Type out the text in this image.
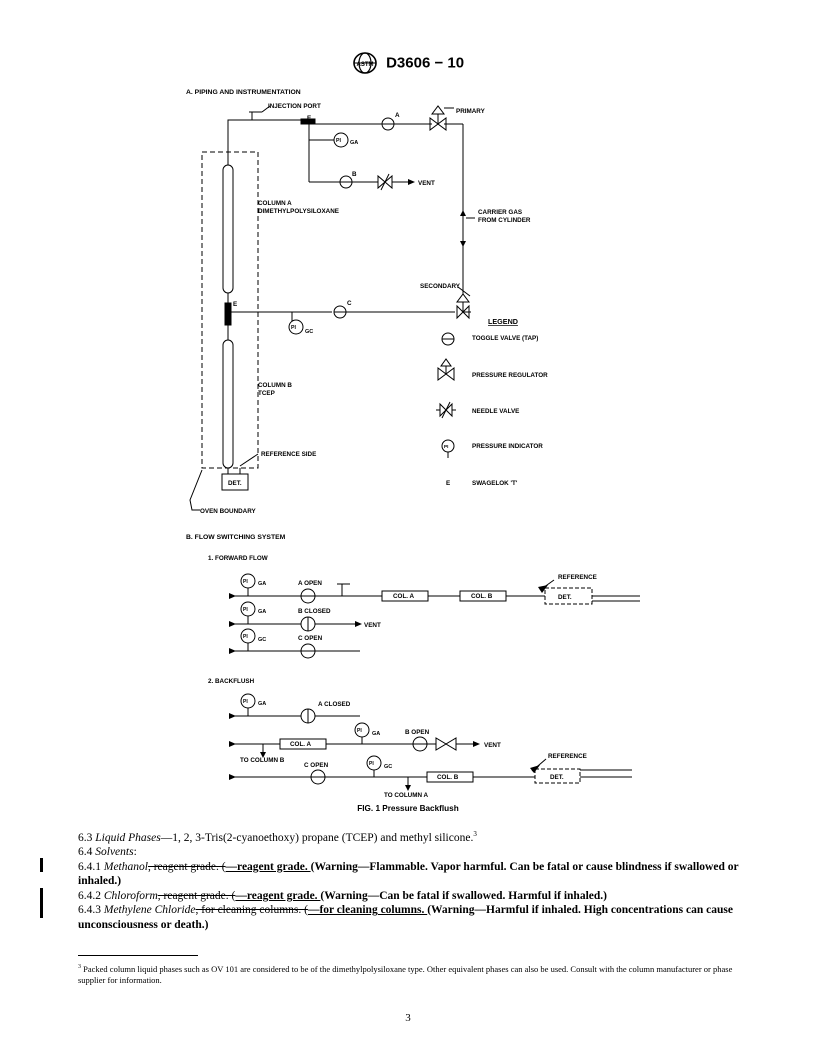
ASTM D3606 − 10
A. PIPING AND INSTRUMENTATION
INJECTION PORT
E
PI GA
A
PRIMARY
B
VENT
CARRIER GAS
FROM CYLINDER
COLUMN A
DIMETHYLPOLYSILOXANE
SECONDARY
C
E
PI
GC
COLUMN B
TCEP
REFERENCE SIDE
DET.
OVEN BOUNDARY
LEGEND
PI
TOGGLE VALVE (TAP)
PRESSURE REGULATOR
NEEDLE VALVE
PRESSURE INDICATOR
E	SWAGELOK 'T'
B. FLOW SWITCHING SYSTEM
1. FORWARD FLOW
PI
PI
PI
PI
PI
PI
GA
GA
GC
GA
GA
GC
A OPEN
B CLOSED
C OPEN
VENT
COL. A	COL. B	DET.
REFERENCE
2. BACKFLUSH
A CLOSED
COL. A
B OPEN
VENT
TO COLUMN B
C OPEN
COL. B	DET.
REFERENCE
TO COLUMN A
FIG. 1 Pressure Backflush

6.3 Liquid Phases—1, 2, 3-Tris(2-cyanoethoxy) propane (TCEP) and methyl silicone.$^3$

6.4 Solvents:

6.4.1 Methanol, reagent grade. (—reagent grade. (Warning—Flammable. Vapor harmful. Can be fatal or cause blindness if swallowed or inhaled.)

6.4.2 Chloroform, reagent grade. (—reagent grade. (Warning—Can be fatal if swallowed. Harmful if inhaled.)

6.4.3 Methylene Chloride, for cleaning columns. (—for cleaning columns. (Warning—Harmful if inhaled. High concentrations can cause unconsciousness or death.)

$^3$ Packed column liquid phases such as OV 101 are considered to be of the dimethylpolysiloxane type. Other equivalent phases can also be used. Consult with the column manufacturer or phase supplier for information.
3
